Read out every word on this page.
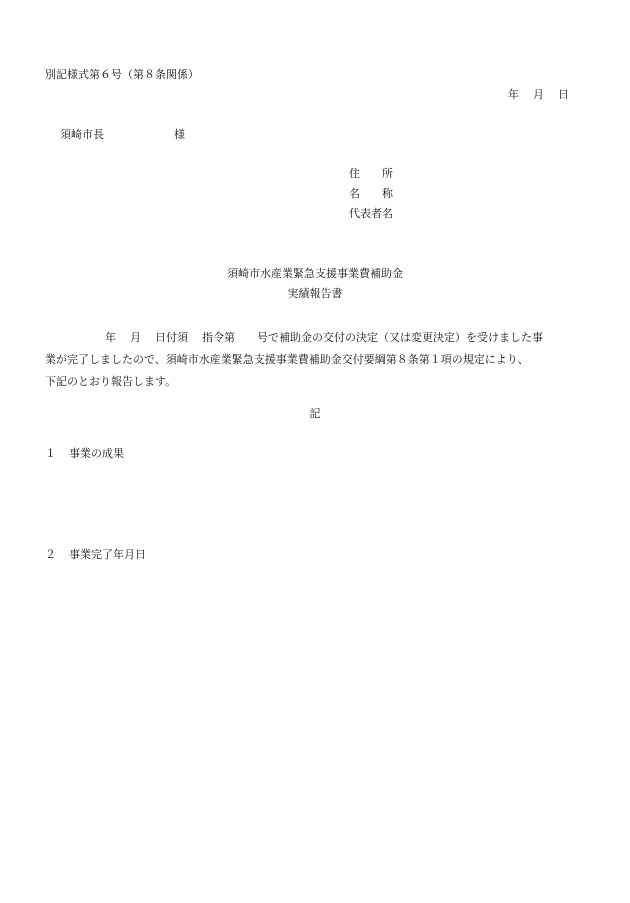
別記様式第６号（第８条関係）
年 月 日
須崎市長	様
住　　所
名　　称
代表者名
須崎市水産業緊急支援事業費補助金
実績報告書
年 月 日付須 指令第 号で補助金の交付の決定（又は変更決定）を受けました事
業が完了しましたので、須崎市水産業緊急支援事業費補助金交付要綱第８条第１項の規定により、
下記のとおり報告します。
記
１ 事業の成果
２ 事業完了年月日
